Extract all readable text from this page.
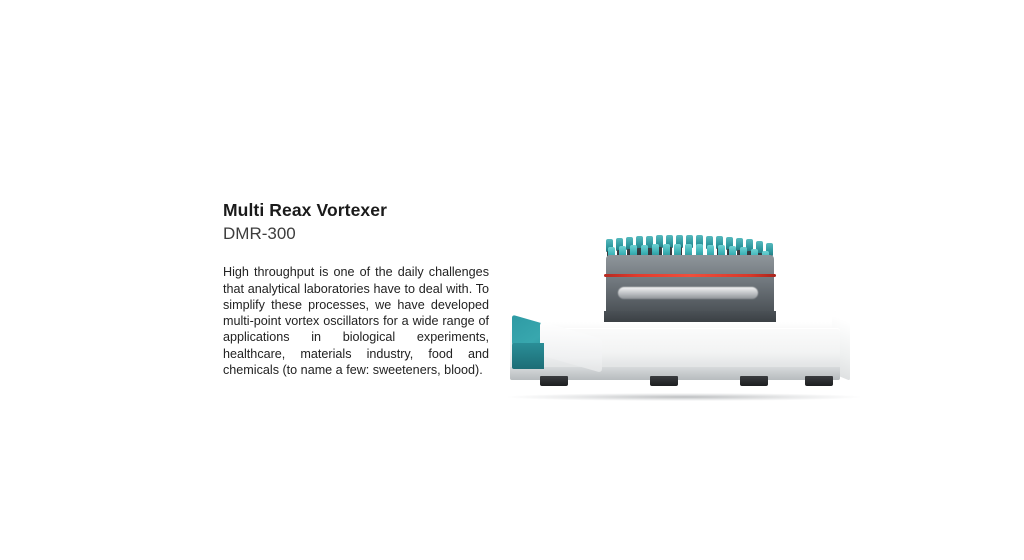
Multi Reax Vortexer
DMR-300

High throughput is one of the daily challenges that analytical laboratories have to deal with. To simplify these processes, we have developed multi-point vortex oscillators for a wide range of applications in biological experiments, healthcare, materials industry, food and chemicals (to name a few: sweeteners, blood).
